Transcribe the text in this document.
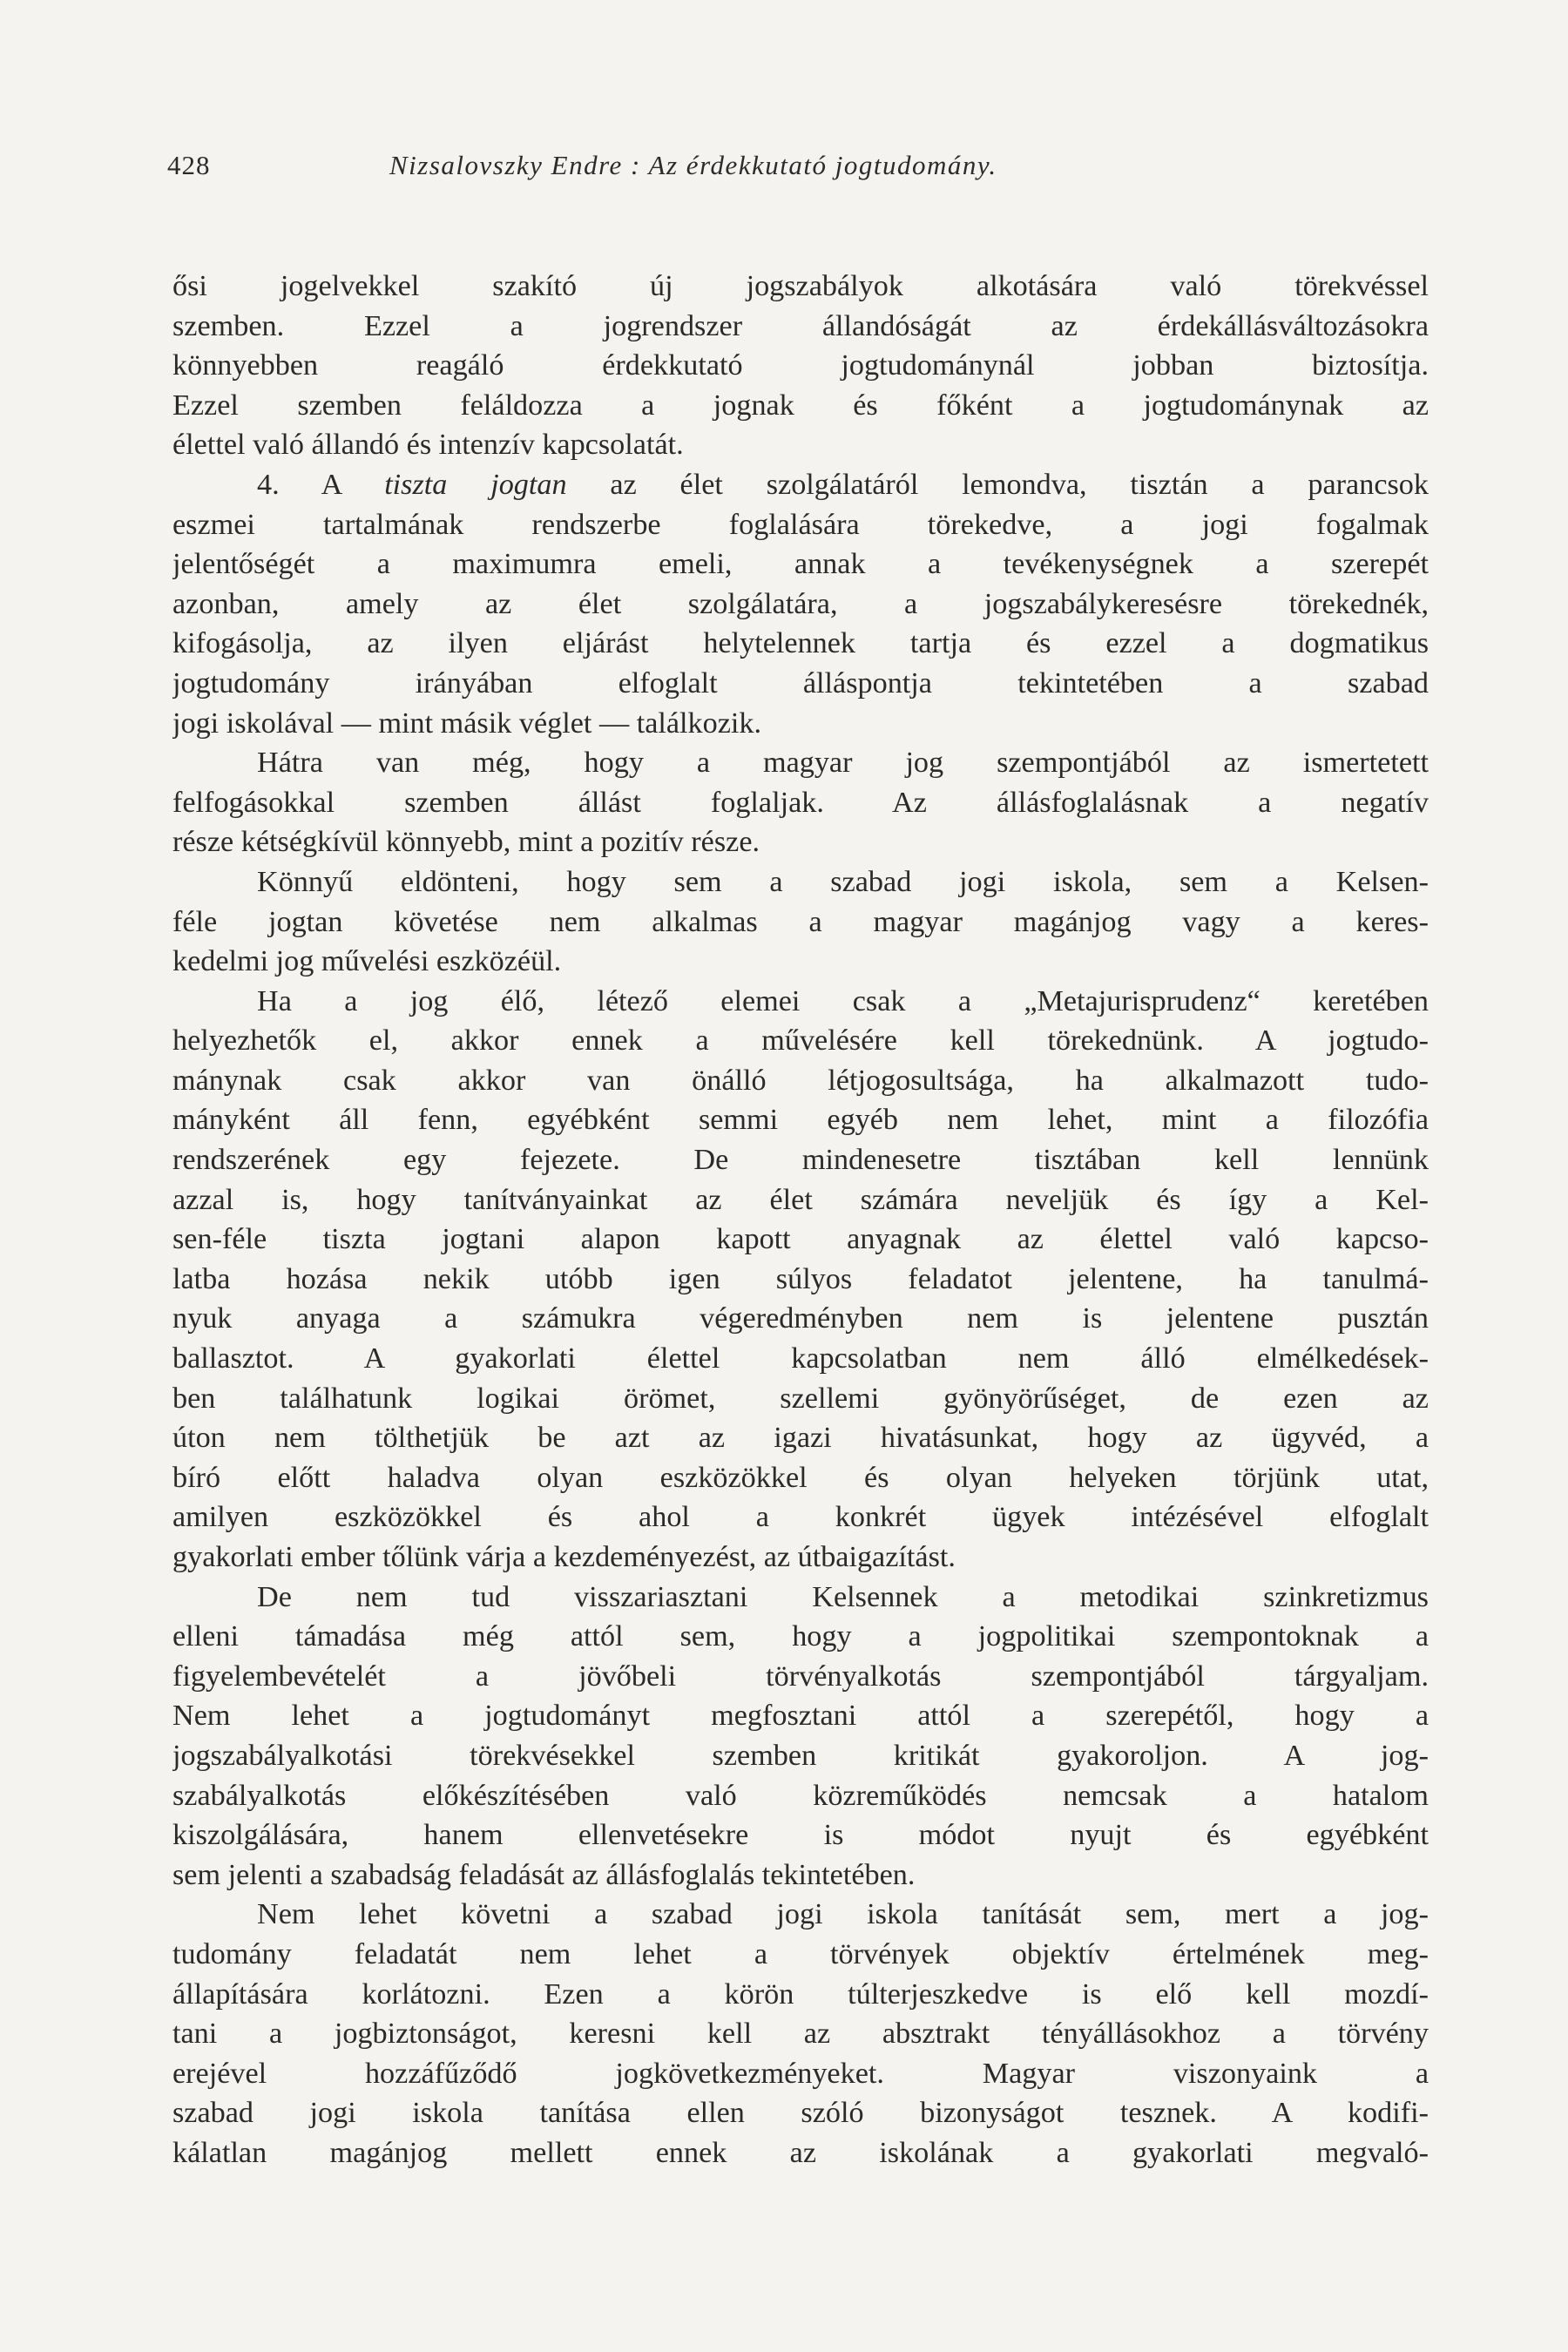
428	Nizsalovszky Endre : Az érdekkutató jogtudomány.
ősi jogelvekkel szakító új jogszabályok alkotására való törekvéssel
szemben. Ezzel a jogrendszer állandóságát az érdekállásváltozásokra
könnyebben reagáló érdekkutató jogtudománynál jobban biztosítja.
Ezzel szemben feláldozza a jognak és főként a jogtudománynak az
élettel való állandó és intenzív kapcsolatát.
4. A tiszta jogtan az élet szolgálatáról lemondva, tisztán a parancsok
eszmei tartalmának rendszerbe foglalására törekedve, a jogi fogalmak
jelentőségét a maximumra emeli, annak a tevékenységnek a szerepét
azonban, amely az élet szolgálatára, a jogszabálykeresésre törekednék,
kifogásolja, az ilyen eljárást helytelennek tartja és ezzel a dogmatikus
jogtudomány irányában elfoglalt álláspontja tekintetében a szabad
jogi iskolával — mint másik véglet — találkozik.
Hátra van még, hogy a magyar jog szempontjából az ismertetett
felfogásokkal szemben állást foglaljak. Az állásfoglalásnak a negatív
része kétségkívül könnyebb, mint a pozitív része.
Könnyű eldönteni, hogy sem a szabad jogi iskola, sem a Kelsen-
féle jogtan követése nem alkalmas a magyar magánjog vagy a keres-
kedelmi jog művelési eszközéül.
Ha a jog élő, létező elemei csak a „Metajurisprudenz“ keretében
helyezhetők el, akkor ennek a művelésére kell törekednünk. A jogtudo-
mánynak csak akkor van önálló létjogosultsága, ha alkalmazott tudo-
mányként áll fenn, egyébként semmi egyéb nem lehet, mint a filozófia
rendszerének egy fejezete. De mindenesetre tisztában kell lennünk
azzal is, hogy tanítványainkat az élet számára neveljük és így a Kel-
sen-féle tiszta jogtani alapon kapott anyagnak az élettel való kapcso-
latba hozása nekik utóbb igen súlyos feladatot jelentene, ha tanulmá-
nyuk anyaga a számukra végeredményben nem is jelentene pusztán
ballasztot. A gyakorlati élettel kapcsolatban nem álló elmélkedések-
ben találhatunk logikai örömet, szellemi gyönyörűséget, de ezen az
úton nem tölthetjük be azt az igazi hivatásunkat, hogy az ügyvéd, a
bíró előtt haladva olyan eszközökkel és olyan helyeken törjünk utat,
amilyen eszközökkel és ahol a konkrét ügyek intézésével elfoglalt
gyakorlati ember tőlünk várja a kezdeményezést, az útbaigazítást.
De nem tud visszariasztani Kelsennek a metodikai szinkretizmus
elleni támadása még attól sem, hogy a jogpolitikai szempontoknak a
figyelembevételét a jövőbeli törvényalkotás szempontjából tárgyaljam.
Nem lehet a jogtudományt megfosztani attól a szerepétől, hogy a
jogszabályalkotási törekvésekkel szemben kritikát gyakoroljon. A jog-
szabályalkotás előkészítésében való közreműködés nemcsak a hatalom
kiszolgálására, hanem ellenvetésekre is módot nyujt és egyébként
sem jelenti a szabadság feladását az állásfoglalás tekintetében.
Nem lehet követni a szabad jogi iskola tanítását sem, mert a jog-
tudomány feladatát nem lehet a törvények objektív értelmének meg-
állapítására korlátozni. Ezen a körön túlterjeszkedve is elő kell mozdí-
tani a jogbiztonságot, keresni kell az absztrakt tényállásokhoz a törvény
erejével hozzáfűződő jogkövetkezményeket. Magyar viszonyaink a
szabad jogi iskola tanítása ellen szóló bizonyságot tesznek. A kodifi-
kálatlan magánjog mellett ennek az iskolának a gyakorlati megvaló-
